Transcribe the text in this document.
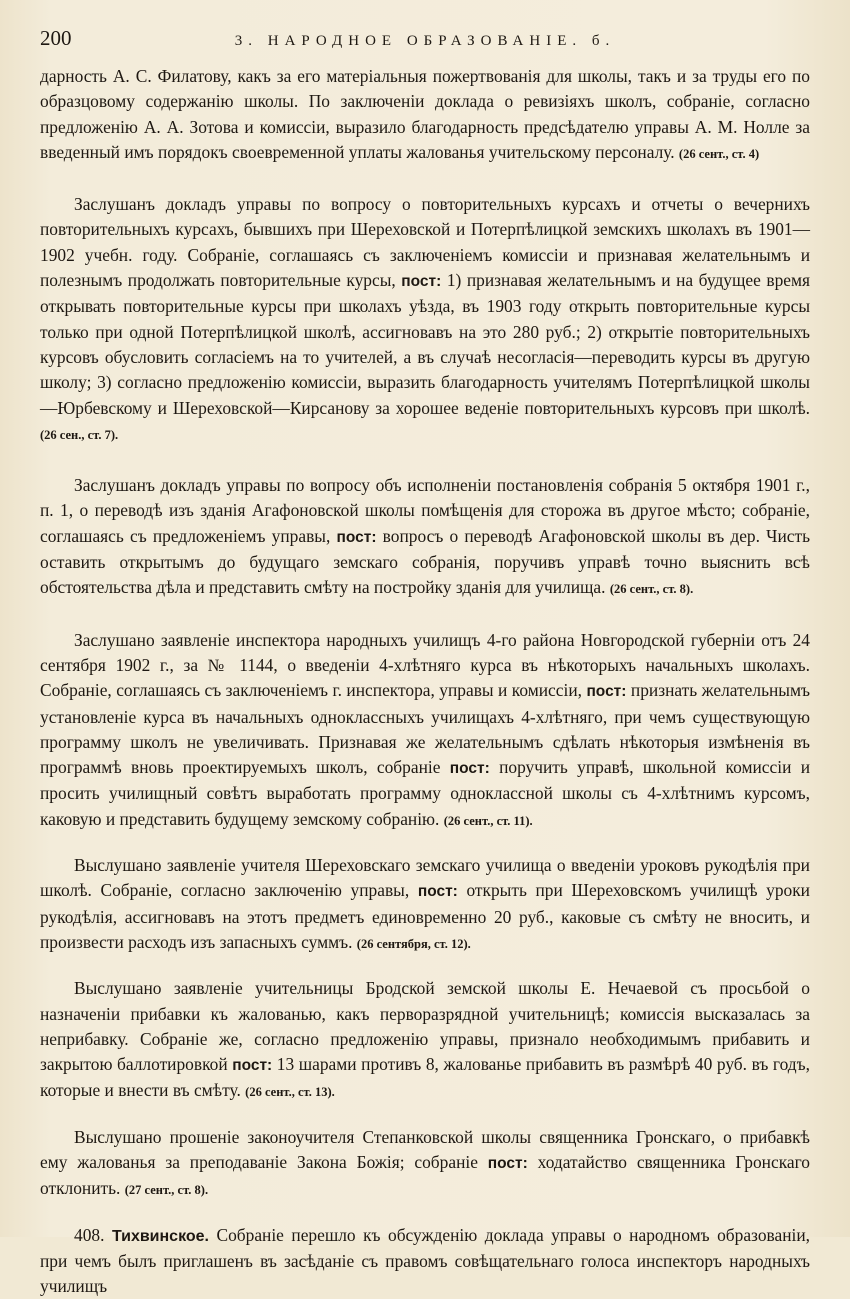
200	3. НАРОДНОЕ ОБРАЗОВАНІЕ. б.

дарность А. С. Филатову, какъ за его матеріальныя пожертвованія для школы, такъ и за труды его по образцовому содержанію школы. По заключеніи доклада о ревизіяхъ школъ, собраніе, согласно предложенію А. А. Зотова и комиссіи, выразило благодарность предсѣдателю управы А. М. Нолле за введенный имъ порядокъ своевременной уплаты жалованья учительскому персоналу. (26 сент., ст. 4)

Заслушанъ докладъ управы по вопросу о повторительныхъ курсахъ и отчеты о вечернихъ повторительныхъ курсахъ, бывшихъ при Шереховской и Потерпѣлицкой земскихъ школахъ въ 1901—1902 учебн. году. Собраніе, соглашаясь съ заключеніемъ комиссіи и признавая желательнымъ и полезнымъ продолжать повторительные курсы, пост: 1) признавая желательнымъ и на будущее время открывать повторительные курсы при школахъ уѣзда, въ 1903 году открыть повторительные курсы только при одной Потерпѣлицкой школѣ, ассигновавъ на это 280 руб.; 2) открытіе повторительныхъ курсовъ обусловить согласіемъ на то учителей, а въ случаѣ несогласія—переводить курсы въ другую школу; 3) согласно предложенію комиссіи, выразить благодарность учителямъ Потерпѣлицкой школы—Юрбевскому и Шереховской—Кирсанову за хорошее веденіе повторительныхъ курсовъ при школѣ. (26 сен., ст. 7).

Заслушанъ докладъ управы по вопросу объ исполненіи постановленія собранія 5 октября 1901 г., п. 1, о переводѣ изъ зданія Агафоновской школы помѣщенія для сторожа въ другое мѣсто; собраніе, соглашаясь съ предложеніемъ управы, пост: вопросъ о переводѣ Агафоновской школы въ дер. Чисть оставить открытымъ до будущаго земскаго собранія, поручивъ управѣ точно выяснить всѣ обстоятельства дѣла и представить смѣту на постройку зданія для училища. (26 сент., ст. 8).

Заслушано заявленіе инспектора народныхъ училищъ 4-го района Новгородской губерніи отъ 24 сентября 1902 г., за № 1144, о введеніи 4-хлѣтняго курса въ нѣкоторыхъ начальныхъ школахъ. Собраніе, соглашаясь съ заключеніемъ г. инспектора, управы и комиссіи, пост: признать желательнымъ установленіе курса въ начальныхъ одноклассныхъ училищахъ 4-хлѣтняго, при чемъ существующую программу школъ не увеличивать. Признавая же желательнымъ сдѣлать нѣкоторыя измѣненія въ программѣ вновь проектируемыхъ школъ, собраніе пост: поручить управѣ, школьной комиссіи и просить училищный совѣтъ выработать программу одноклассной школы съ 4-хлѣтнимъ курсомъ, каковую и представить будущему земскому собранію. (26 сент., ст. 11).

Выслушано заявленіе учителя Шереховскаго земскаго училища о введеніи уроковъ рукодѣлія при школѣ. Собраніе, согласно заключенію управы, пост: открыть при Шереховскомъ училищѣ уроки рукодѣлія, ассигновавъ на этотъ предметъ единовременно 20 руб., каковые съ смѣту не вносить, и произвести расходъ изъ запасныхъ суммъ. (26 сентября, ст. 12).

Выслушано заявленіе учительницы Бродской земской школы Е. Нечаевой съ просьбой о назначеніи прибавки къ жалованью, какъ перворазрядной учительницѣ; комиссія высказалась за неприбавку. Собраніе же, согласно предложенію управы, признало необходимымъ прибавить и закрытою баллотировкой пост: 13 шарами противъ 8, жалованье прибавить въ размѣрѣ 40 руб. въ годъ, которые и внести въ смѣту. (26 сент., ст. 13).

Выслушано прошеніе законоучителя Степанковской школы священника Гронскаго, о прибавкѣ ему жалованья за преподаваніе Закона Божія; собраніе пост: ходатайство священника Гронскаго отклонить. (27 сент., ст. 8).

408. Тихвинское. Собраніе перешло къ обсужденію доклада управы о народномъ образованіи, при чемъ былъ приглашенъ въ засѣданіе съ правомъ совѣщательнаго голоса инспекторъ народныхъ училищъ
